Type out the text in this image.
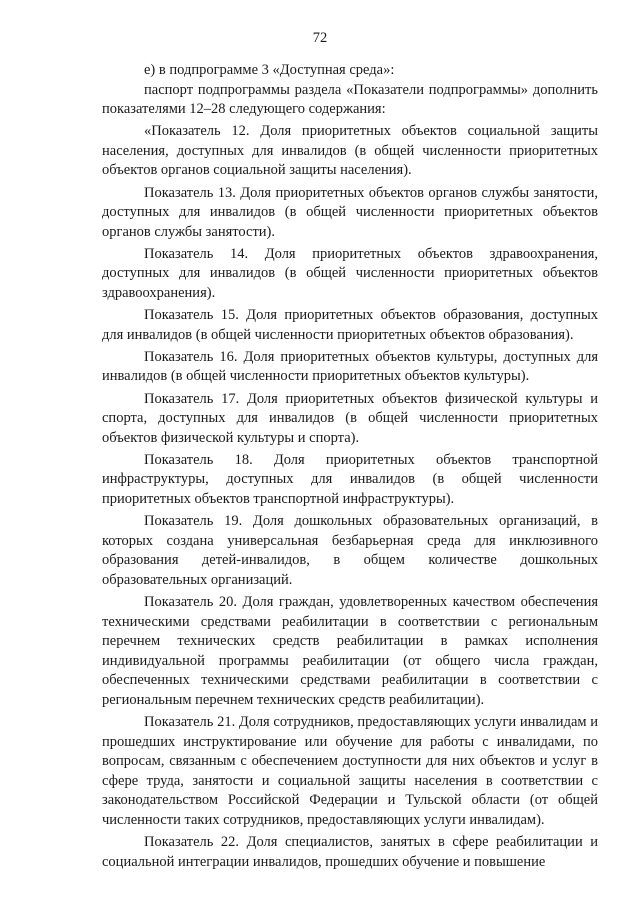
72

е) в подпрограмме 3 «Доступная среда»:

паспорт подпрограммы раздела «Показатели подпрограммы» дополнить показателями 12–28 следующего содержания:

«Показатель 12. Доля приоритетных объектов социальной защиты населения, доступных для инвалидов (в общей численности приоритетных объектов органов социальной защиты населения).

Показатель 13. Доля приоритетных объектов органов службы занятости, доступных для инвалидов (в общей численности приоритетных объектов органов службы занятости).

Показатель 14. Доля приоритетных объектов здравоохранения, доступных для инвалидов (в общей численности приоритетных объектов здравоохранения).

Показатель 15. Доля приоритетных объектов образования, доступных для инвалидов (в общей численности приоритетных объектов образования).

Показатель 16. Доля приоритетных объектов культуры, доступных для инвалидов (в общей численности приоритетных объектов культуры).

Показатель 17. Доля приоритетных объектов физической культуры и спорта, доступных для инвалидов (в общей численности приоритетных объектов физической культуры и спорта).

Показатель 18. Доля приоритетных объектов транспортной инфраструктуры, доступных для инвалидов (в общей численности приоритетных объектов транспортной инфраструктуры).

Показатель 19. Доля дошкольных образовательных организаций, в которых создана универсальная безбарьерная среда для инклюзивного образования детей-инвалидов, в общем количестве дошкольных образовательных организаций.

Показатель 20. Доля граждан, удовлетворенных качеством обеспечения техническими средствами реабилитации в соответствии с региональным перечнем технических средств реабилитации в рамках исполнения индивидуальной программы реабилитации (от общего числа граждан, обеспеченных техническими средствами реабилитации в соответствии с региональным перечнем технических средств реабилитации).

Показатель 21. Доля сотрудников, предоставляющих услуги инвалидам и прошедших инструктирование или обучение для работы с инвалидами, по вопросам, связанным с обеспечением доступности для них объектов и услуг в сфере труда, занятости и социальной защиты населения в соответствии с законодательством Российской Федерации и Тульской области (от общей численности таких сотрудников, предоставляющих услуги инвалидам).

Показатель 22. Доля специалистов, занятых в сфере реабилитации и социальной интеграции инвалидов, прошедших обучение и повышение
